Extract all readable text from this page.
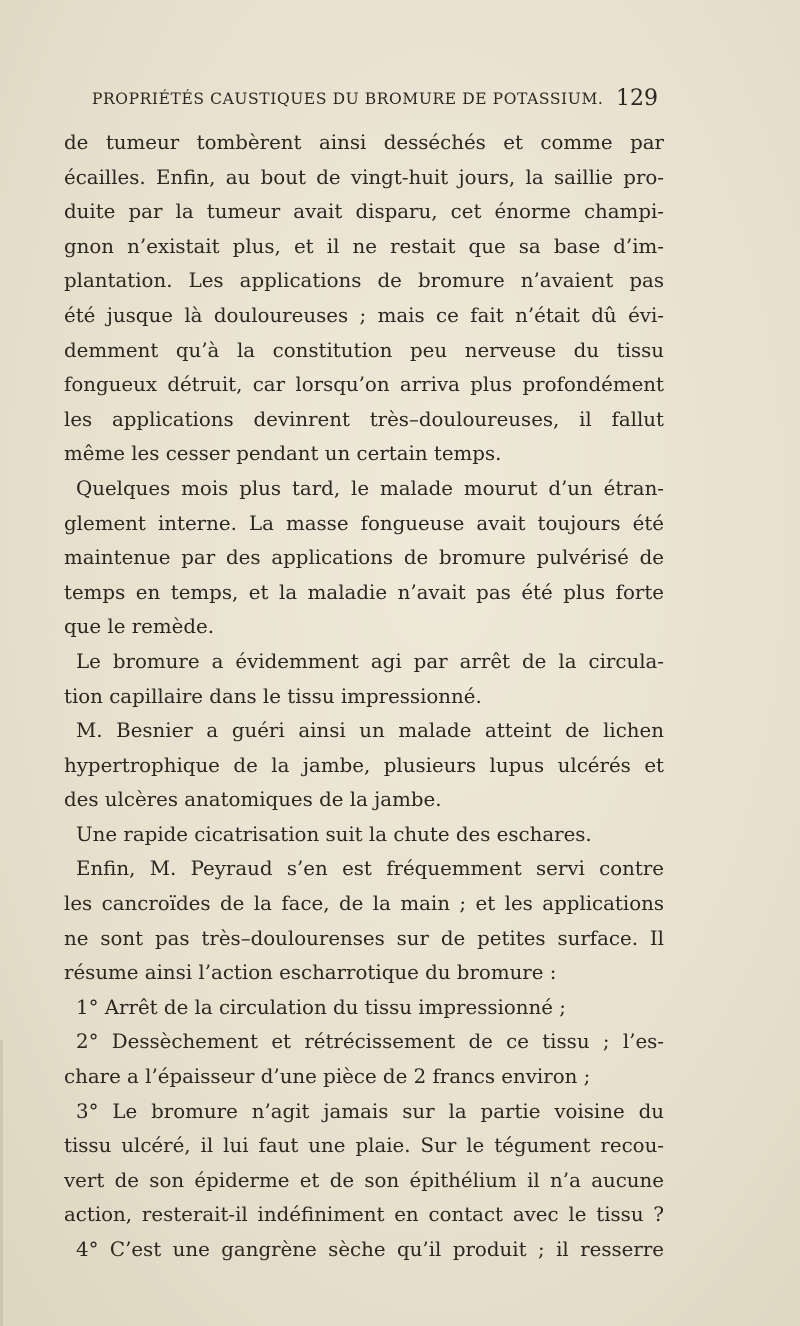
PROPRIÉTÉS CAUSTIQUES DU BROMURE DE POTASSIUM. 129
de tumeur tombèrent ainsi desséchés et comme par
écailles. Enfin, au bout de vingt-huit jours, la saillie pro-
duite par la tumeur avait disparu, cet énorme champi-
gnon n’existait plus, et il ne restait que sa base d’im-
plantation. Les applications de bromure n’avaient pas
été jusque là douloureuses ; mais ce fait n’était dû évi-
demment qu’à la constitution peu nerveuse du tissu
fongueux détruit, car lorsqu’on arriva plus profondément
les applications devinrent très–douloureuses, il fallut
même les cesser pendant un certain temps.
Quelques mois plus tard, le malade mourut d’un étran-
glement interne. La masse fongueuse avait toujours été
maintenue par des applications de bromure pulvérisé de
temps en temps, et la maladie n’avait pas été plus forte
que le remède.
Le bromure a évidemment agi par arrêt de la circula-
tion capillaire dans le tissu impressionné.
M. Besnier a guéri ainsi un malade atteint de lichen
hypertrophique de la jambe, plusieurs lupus ulcérés et
des ulcères anatomiques de la jambe.
Une rapide cicatrisation suit la chute des eschares.
Enfin, M. Peyraud s’en est fréquemment servi contre
les cancroïdes de la face, de la main ; et les applications
ne sont pas très–doulourenses sur de petites surface. Il
résume ainsi l’action escharrotique du bromure :
1° Arrêt de la circulation du tissu impressionné ;
2° Dessèchement et rétrécissement de ce tissu ; l’es-
chare a l’épaisseur d’une pièce de 2 francs environ ;
3° Le bromure n’agit jamais sur la partie voisine du
tissu ulcéré, il lui faut une plaie. Sur le tégument recou-
vert de son épiderme et de son épithélium il n’a aucune
action, resterait-il indéfiniment en contact avec le tissu ?
4° C’est une gangrène sèche qu’il produit ; il resserre
